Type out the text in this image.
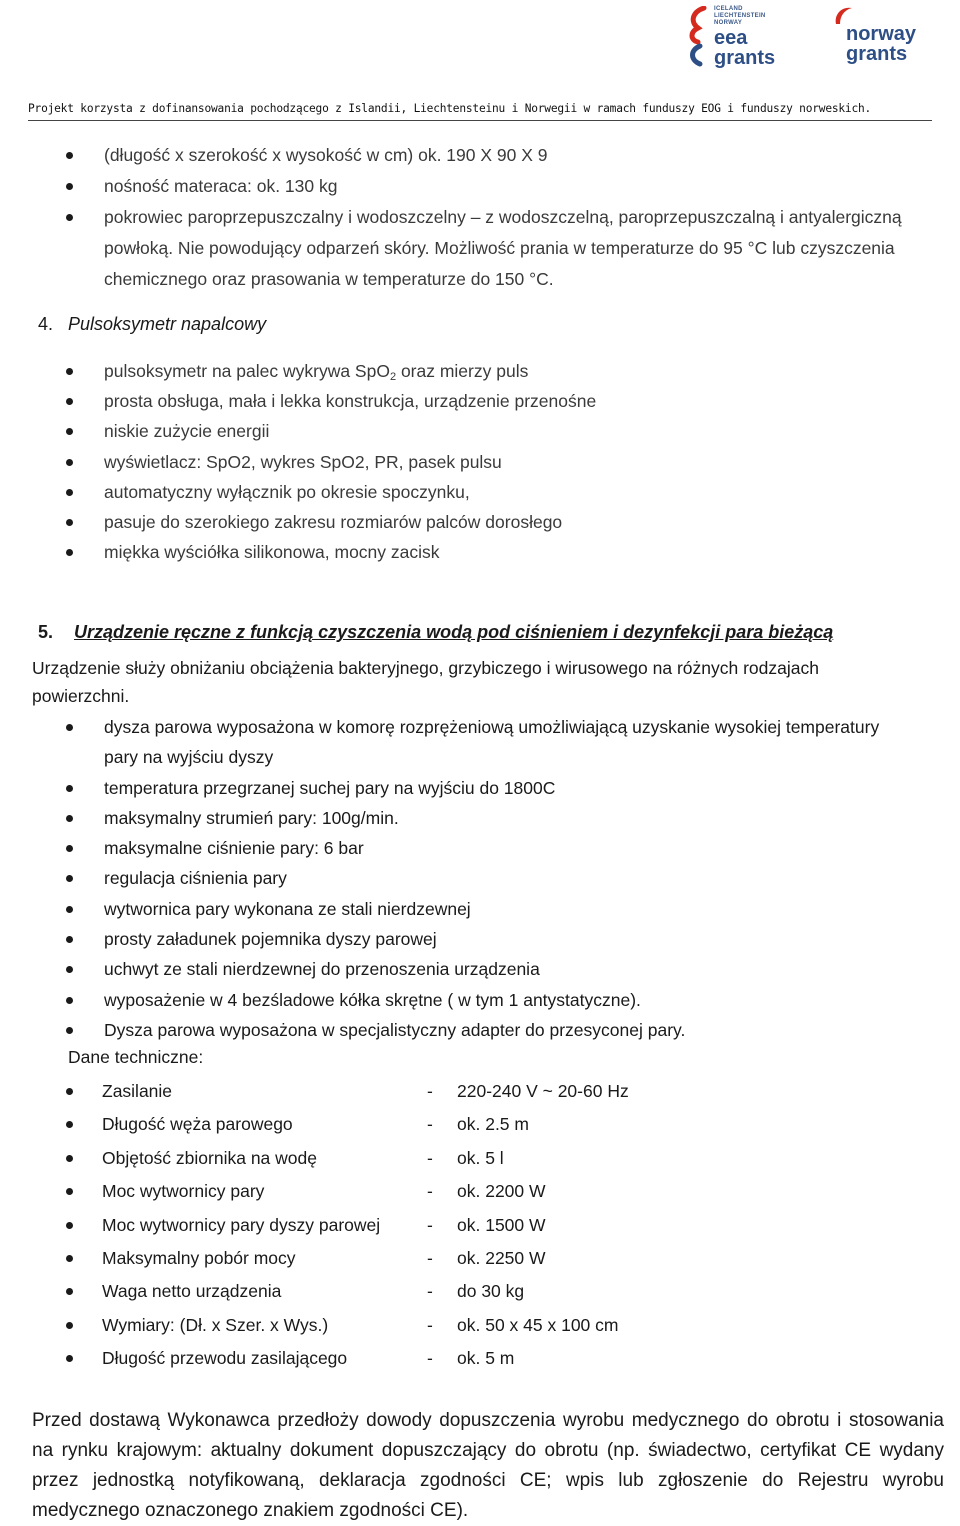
ICELAND
LIECHTENSTEIN
NORWAY
eea
grants
norway
grants
Projekt korzysta z dofinansowania pochodzącego z Islandii, Liechtensteinu i Norwegii w ramach funduszy EOG i funduszy norweskich.
(długość x szerokość x wysokość w cm) ok. 190 X 90 X 9
nośność materaca: ok. 130 kg
pokrowiec paroprzepuszczalny i wodoszczelny – z wodoszczelną, paroprzepuszczalną i antyalergiczną powłoką. Nie powodujący odparzeń skóry. Możliwość prania w temperaturze do 95 °C lub czyszczenia chemicznego oraz prasowania w temperaturze do 150 °C.
4. Pulsoksymetr napalcowy
pulsoksymetr na palec wykrywa SpO$_2$ oraz mierzy puls
prosta obsługa, mała i lekka konstrukcja, urządzenie przenośne
niskie zużycie energii
wyświetlacz: SpO2, wykres SpO2, PR, pasek pulsu
automatyczny wyłącznik po okresie spoczynku,
pasuje do szerokiego zakresu rozmiarów palców dorosłego
miękka wyściółka silikonowa, mocny zacisk
5. Urządzenie ręczne z funkcją czyszczenia wodą pod ciśnieniem i dezynfekcji para bieżącą
Urządzenie służy obniżaniu obciążenia bakteryjnego, grzybiczego i wirusowego na różnych rodzajach powierzchni.
dysza parowa wyposażona w komorę rozprężeniową umożliwiającą uzyskanie wysokiej temperatury pary na wyjściu dyszy
temperatura przegrzanej suchej pary na wyjściu do 1800C
maksymalny strumień pary: 100g/min.
maksymalne ciśnienie pary: 6 bar
regulacja ciśnienia pary
wytwornica pary wykonana ze stali nierdzewnej
prosty załadunek pojemnika dyszy parowej
uchwyt ze stali nierdzewnej do przenoszenia urządzenia
wyposażenie w 4 bezśladowe kółka skrętne ( w tym 1 antystatyczne).
Dysza parowa wyposażona w specjalistyczny adapter do przesyconej pary.
Dane techniczne:
Zasilanie	- 220-240 V ~ 20-60 Hz
Długość węża parowego	- ok. 2.5 m
Objętość zbiornika na wodę	- ok. 5 l
Moc wytwornicy pary	- ok. 2200 W
Moc wytwornicy pary dyszy parowej	- ok. 1500 W
Maksymalny pobór mocy	- ok. 2250 W
Waga netto urządzenia	- do 30 kg
Wymiary: (Dł. x Szer. x Wys.)	- ok. 50 x 45 x 100 cm
Długość przewodu zasilającego	- ok. 5 m
Przed dostawą Wykonawca przedłoży dowody dopuszczenia wyrobu medycznego do obrotu i stosowania na rynku krajowym: aktualny dokument dopuszczający do obrotu (np. świadectwo, certyfikat CE wydany przez jednostką notyfikowaną, deklaracja zgodności CE; wpis lub zgłoszenie do Rejestru wyrobu medycznego oznaczonego znakiem zgodności CE).
